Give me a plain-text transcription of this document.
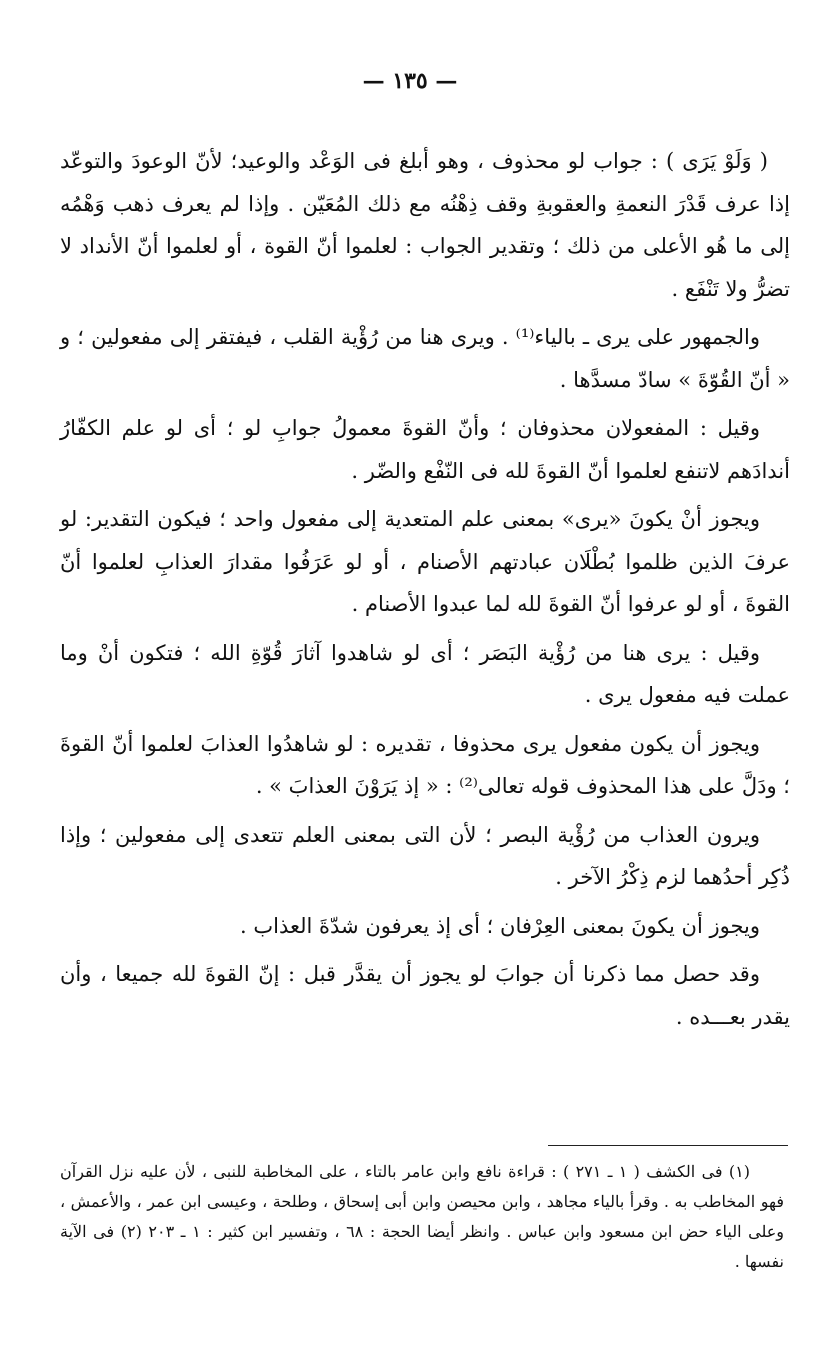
— ١٣٥ —

( وَلَوْ يَرَى ) : جواب لو محذوف ، وهو أبلغ فى الوَعْد والوعيد؛ لأنّ الوعودَ والتوعّد إذا عرف قَدْرَ النعمةِ والعقوبةِ وقف ذِهْنُه مع ذلك المُعَيّن . وإذا لم يعرف ذهب وَهْمُه إلى ما هُو الأعلى من ذلك ؛ وتقدير الجواب : لعلموا أنّ القوة ، أو لعلموا أنّ الأنداد لا تضرُّ ولا تَنْفَع .

والجمهور على يرى ـ بالياء⁽¹⁾ . ويرى هنا من رُؤْية القلب ، فيفتقر إلى مفعولين ؛ و « أنّ القُوّةَ » سادّ مسدَّها .

وقيل : المفعولان محذوفان ؛ وأنّ القوةَ معمولُ جوابِ لو ؛ أى لو علم الكفّارُ أندادَهم لاتنفع لعلموا أنّ القوةَ لله فى النّفْع والضّر .

ويجوز أنْ يكونَ «يرى» بمعنى علم المتعدية إلى مفعول واحد ؛ فيكون التقدير: لو عرفَ الذين ظلموا بُطْلَان عبادتهم الأصنام ، أو لو عَرَفُوا مقدارَ العذابِ لعلموا أنّ القوةَ ، أو لو عرفوا أنّ القوةَ لله لما عبدوا الأصنام .

وقيل : يرى هنا من رُؤْية البَصَر ؛ أى لو شاهدوا آثارَ قُوّةِ الله ؛ فتكون أنْ وما عملت فيه مفعول يرى .

ويجوز أن يكون مفعول يرى محذوفا ، تقديره : لو شاهدُوا العذابَ لعلموا أنّ القوةَ ؛ ودَلَّ على هذا المحذوف قوله تعالى⁽²⁾ : « إذ يَرَوْنَ العذابَ » .

ويرون العذاب من رُؤْية البصر ؛ لأن التى بمعنى العلم تتعدى إلى مفعولين ؛ وإذا ذُكِر أحدُهما لزم ذِكْرُ الآخر .

ويجوز أن يكونَ بمعنى العِرْفان ؛ أى إذ يعرفون شدّةَ العذاب .

وقد حصل مما ذكرنا أن جوابَ لو يجوز أن يقدَّر قبل : إنّ القوةَ لله جميعا ، وأن يقدر بعـــده .

(١) فى الكشف ( ١ ـ ٢٧١ ) : قراءة نافع وابن عامر بالتاء ، على المخاطبة للنبى ، لأن عليه نزل القرآن فهو المخاطب به . وقرأ بالياء مجاهد ، وابن محيصن وابن أبى إسحاق ، وطلحة ، وعيسى ابن عمر ، والأعمش ، وعلى الياء حض ابن مسعود وابن عباس . وانظر أيضا الحجة : ٦٨ ، وتفسير ابن كثير : ١ ـ ٢٠٣ (٢) فى الآية نفسها .
